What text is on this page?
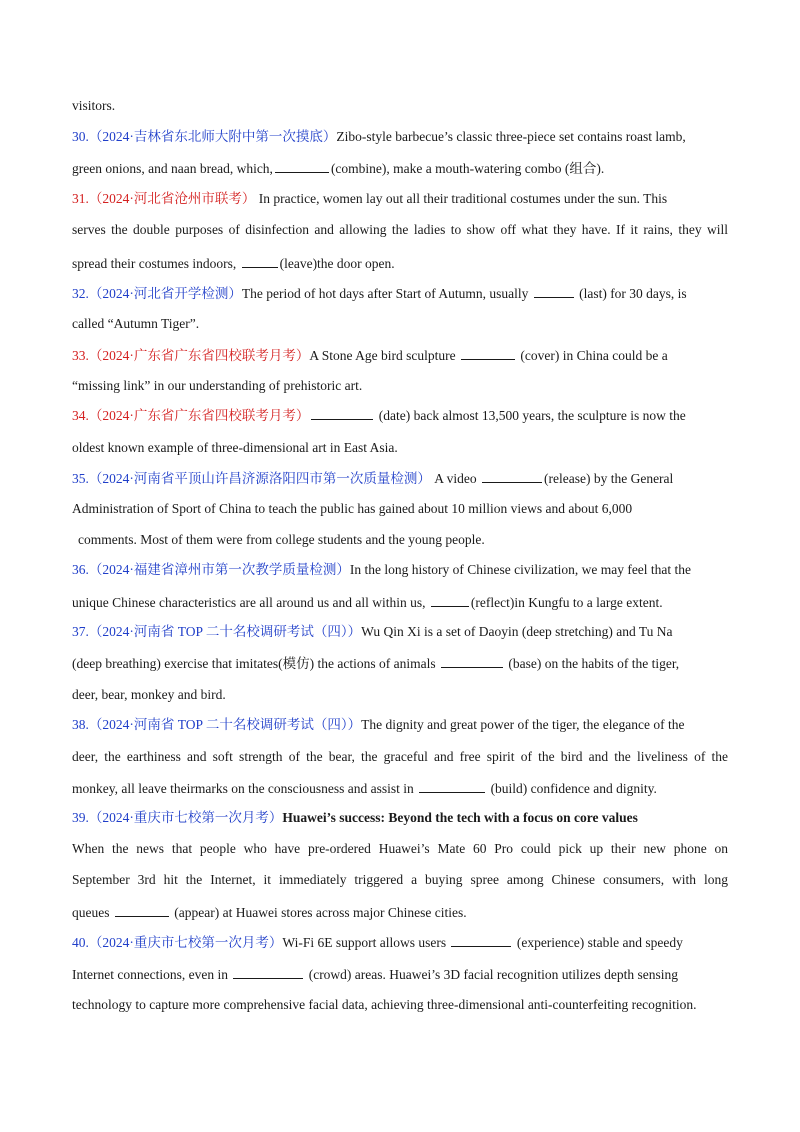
visitors.
30.（2024·吉林省东北师大附中第一次摸底）Zibo-style barbecue’s classic three-piece set contains roast lamb,
green onions, and naan bread, which,	(combine), make a mouth-watering combo (组合).
31.（2024·河北省沧州市联考） In practice, women lay out all their traditional costumes under the sun. This
serves the double purposes of disinfection and allowing the ladies to show off what they have. If it rains, they will
spread their costumes indoors,	(leave)the door open.
32.（2024·河北省开学检测）The period of hot days after Start of Autumn, usually	(last) for 30 days, is
called “Autumn Tiger”.
33.（2024·广东省广东省四校联考月考）A Stone Age bird sculpture	(cover) in China could be a
“missing link” in our understanding of prehistoric art.
34.（2024·广东省广东省四校联考月考）	(date) back almost 13,500 years, the sculpture is now the
oldest known example of three-dimensional art in East Asia.
35.（2024·河南省平顶山许昌济源洛阳四市第一次质量检测） A video	(release) by the General
Administration of Sport of China to teach the public has gained about 10 million views and about 6,000
comments. Most of them were from college students and the young people.
36.（2024·福建省漳州市第一次教学质量检测）In the long history of Chinese civilization, we may feel that the
unique Chinese characteristics are all around us and all within us,	(reflect)in Kungfu to a large extent.
37.（2024·河南省 TOP 二十名校调研考试（四））Wu Qin Xi is a set of Daoyin (deep stretching) and Tu Na
(deep breathing) exercise that imitates(模仿) the actions of animals	(base) on the habits of the tiger,
deer, bear, monkey and bird.
38.（2024·河南省 TOP 二十名校调研考试（四））The dignity and great power of the tiger, the elegance of the
deer, the earthiness and soft strength of the bear, the graceful and free spirit of the bird and the liveliness of the
monkey, all leave theirmarks on the consciousness and assist in	(build) confidence and dignity.
39.（2024·重庆市七校第一次月考）Huawei’s success: Beyond the tech with a focus on core values
When the news that people who have pre-ordered Huawei’s Mate 60 Pro could pick up their new phone on
September 3rd hit the Internet, it immediately triggered a buying spree among Chinese consumers, with long
queues	(appear) at Huawei stores across major Chinese cities.
40.（2024·重庆市七校第一次月考）Wi-Fi 6E support allows users	(experience) stable and speedy
Internet connections, even in	(crowd) areas. Huawei’s 3D facial recognition utilizes depth sensing
technology to capture more comprehensive facial data, achieving three-dimensional anti-counterfeiting recognition.
